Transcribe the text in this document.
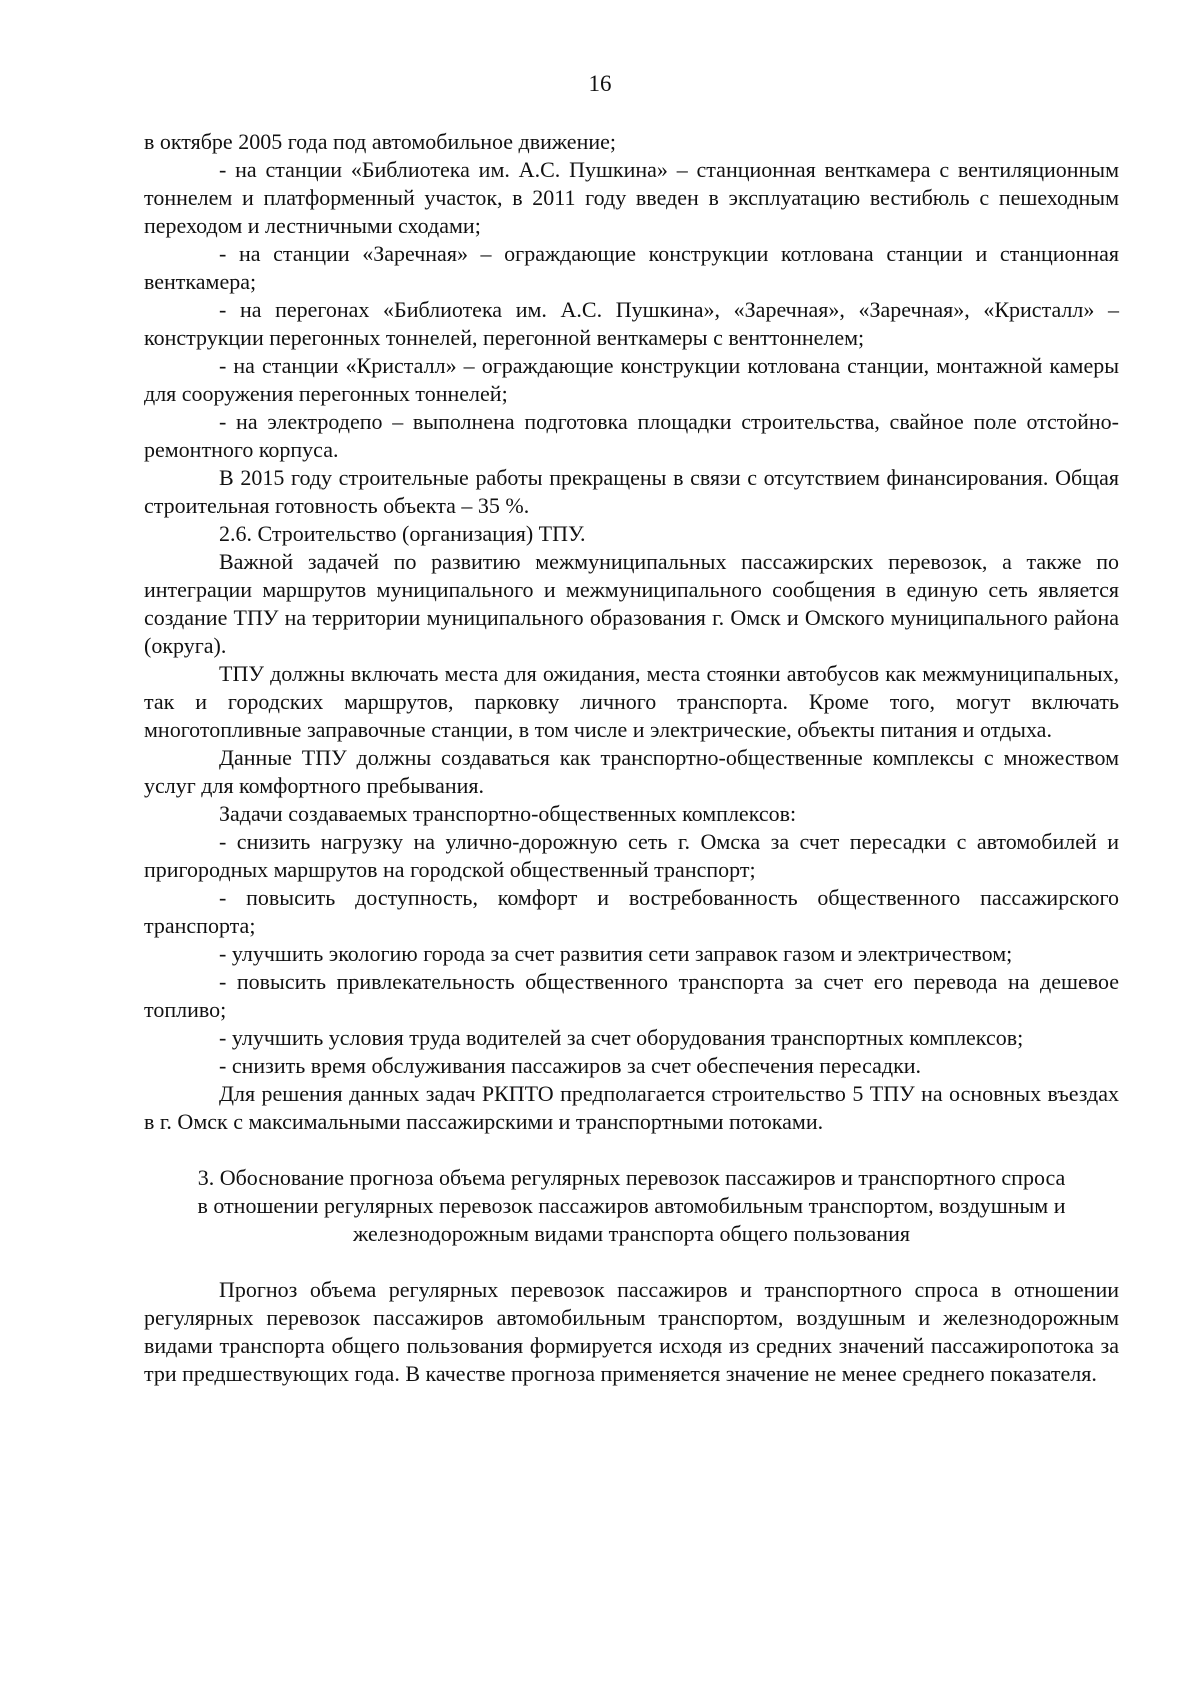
16

в октябре 2005 года под автомобильное движение;

- на станции «Библиотека им. А.С. Пушкина» – станционная венткамера с вентиляционным тоннелем и платформенный участок, в 2011 году введен в эксплуатацию вестибюль с пешеходным переходом и лестничными сходами;

- на станции «Заречная» – ограждающие конструкции котлована станции и станционная венткамера;

- на перегонах «Библиотека им. А.С. Пушкина», «Заречная», «Заречная», «Кристалл» – конструкции перегонных тоннелей, перегонной венткамеры с венттоннелем;

- на станции «Кристалл» – ограждающие конструкции котлована станции, монтажной камеры для сооружения перегонных тоннелей;

- на электродепо – выполнена подготовка площадки строительства, свайное поле отстойно-ремонтного корпуса.

В 2015 году строительные работы прекращены в связи с отсутствием финансирования. Общая строительная готовность объекта – 35 %.

2.6. Строительство (организация) ТПУ.

Важной задачей по развитию межмуниципальных пассажирских перевозок, а также по интеграции маршрутов муниципального и межмуниципального сообщения в единую сеть является создание ТПУ на территории муниципального образования г. Омск и Омского муниципального района (округа).

ТПУ должны включать места для ожидания, места стоянки автобусов как межмуниципальных, так и городских маршрутов, парковку личного транспорта. Кроме того, могут включать многотопливные заправочные станции, в том числе и электрические, объекты питания и отдыха.

Данные ТПУ должны создаваться как транспортно-общественные комплексы с множеством услуг для комфортного пребывания.

Задачи создаваемых транспортно-общественных комплексов:

- снизить нагрузку на улично-дорожную сеть г. Омска за счет пересадки с автомобилей и пригородных маршрутов на городской общественный транспорт;

- повысить доступность, комфорт и востребованность общественного пассажирского транспорта;

- улучшить экологию города за счет развития сети заправок газом и электричеством;

- повысить привлекательность общественного транспорта за счет его перевода на дешевое топливо;

- улучшить условия труда водителей за счет оборудования транспортных комплексов;

- снизить время обслуживания пассажиров за счет обеспечения пересадки.

Для решения данных задач РКПТО предполагается строительство 5 ТПУ на основных въездах в г. Омск с максимальными пассажирскими и транспортными потоками.

3. Обоснование прогноза объема регулярных перевозок пассажиров и транспортного спроса
в отношении регулярных перевозок пассажиров автомобильным транспортом, воздушным и
железнодорожным видами транспорта общего пользования

Прогноз объема регулярных перевозок пассажиров и транспортного спроса в отношении регулярных перевозок пассажиров автомобильным транспортом, воздушным и железнодорожным видами транспорта общего пользования формируется исходя из средних значений пассажиропотока за три предшествующих года. В качестве прогноза применяется значение не менее среднего показателя.
